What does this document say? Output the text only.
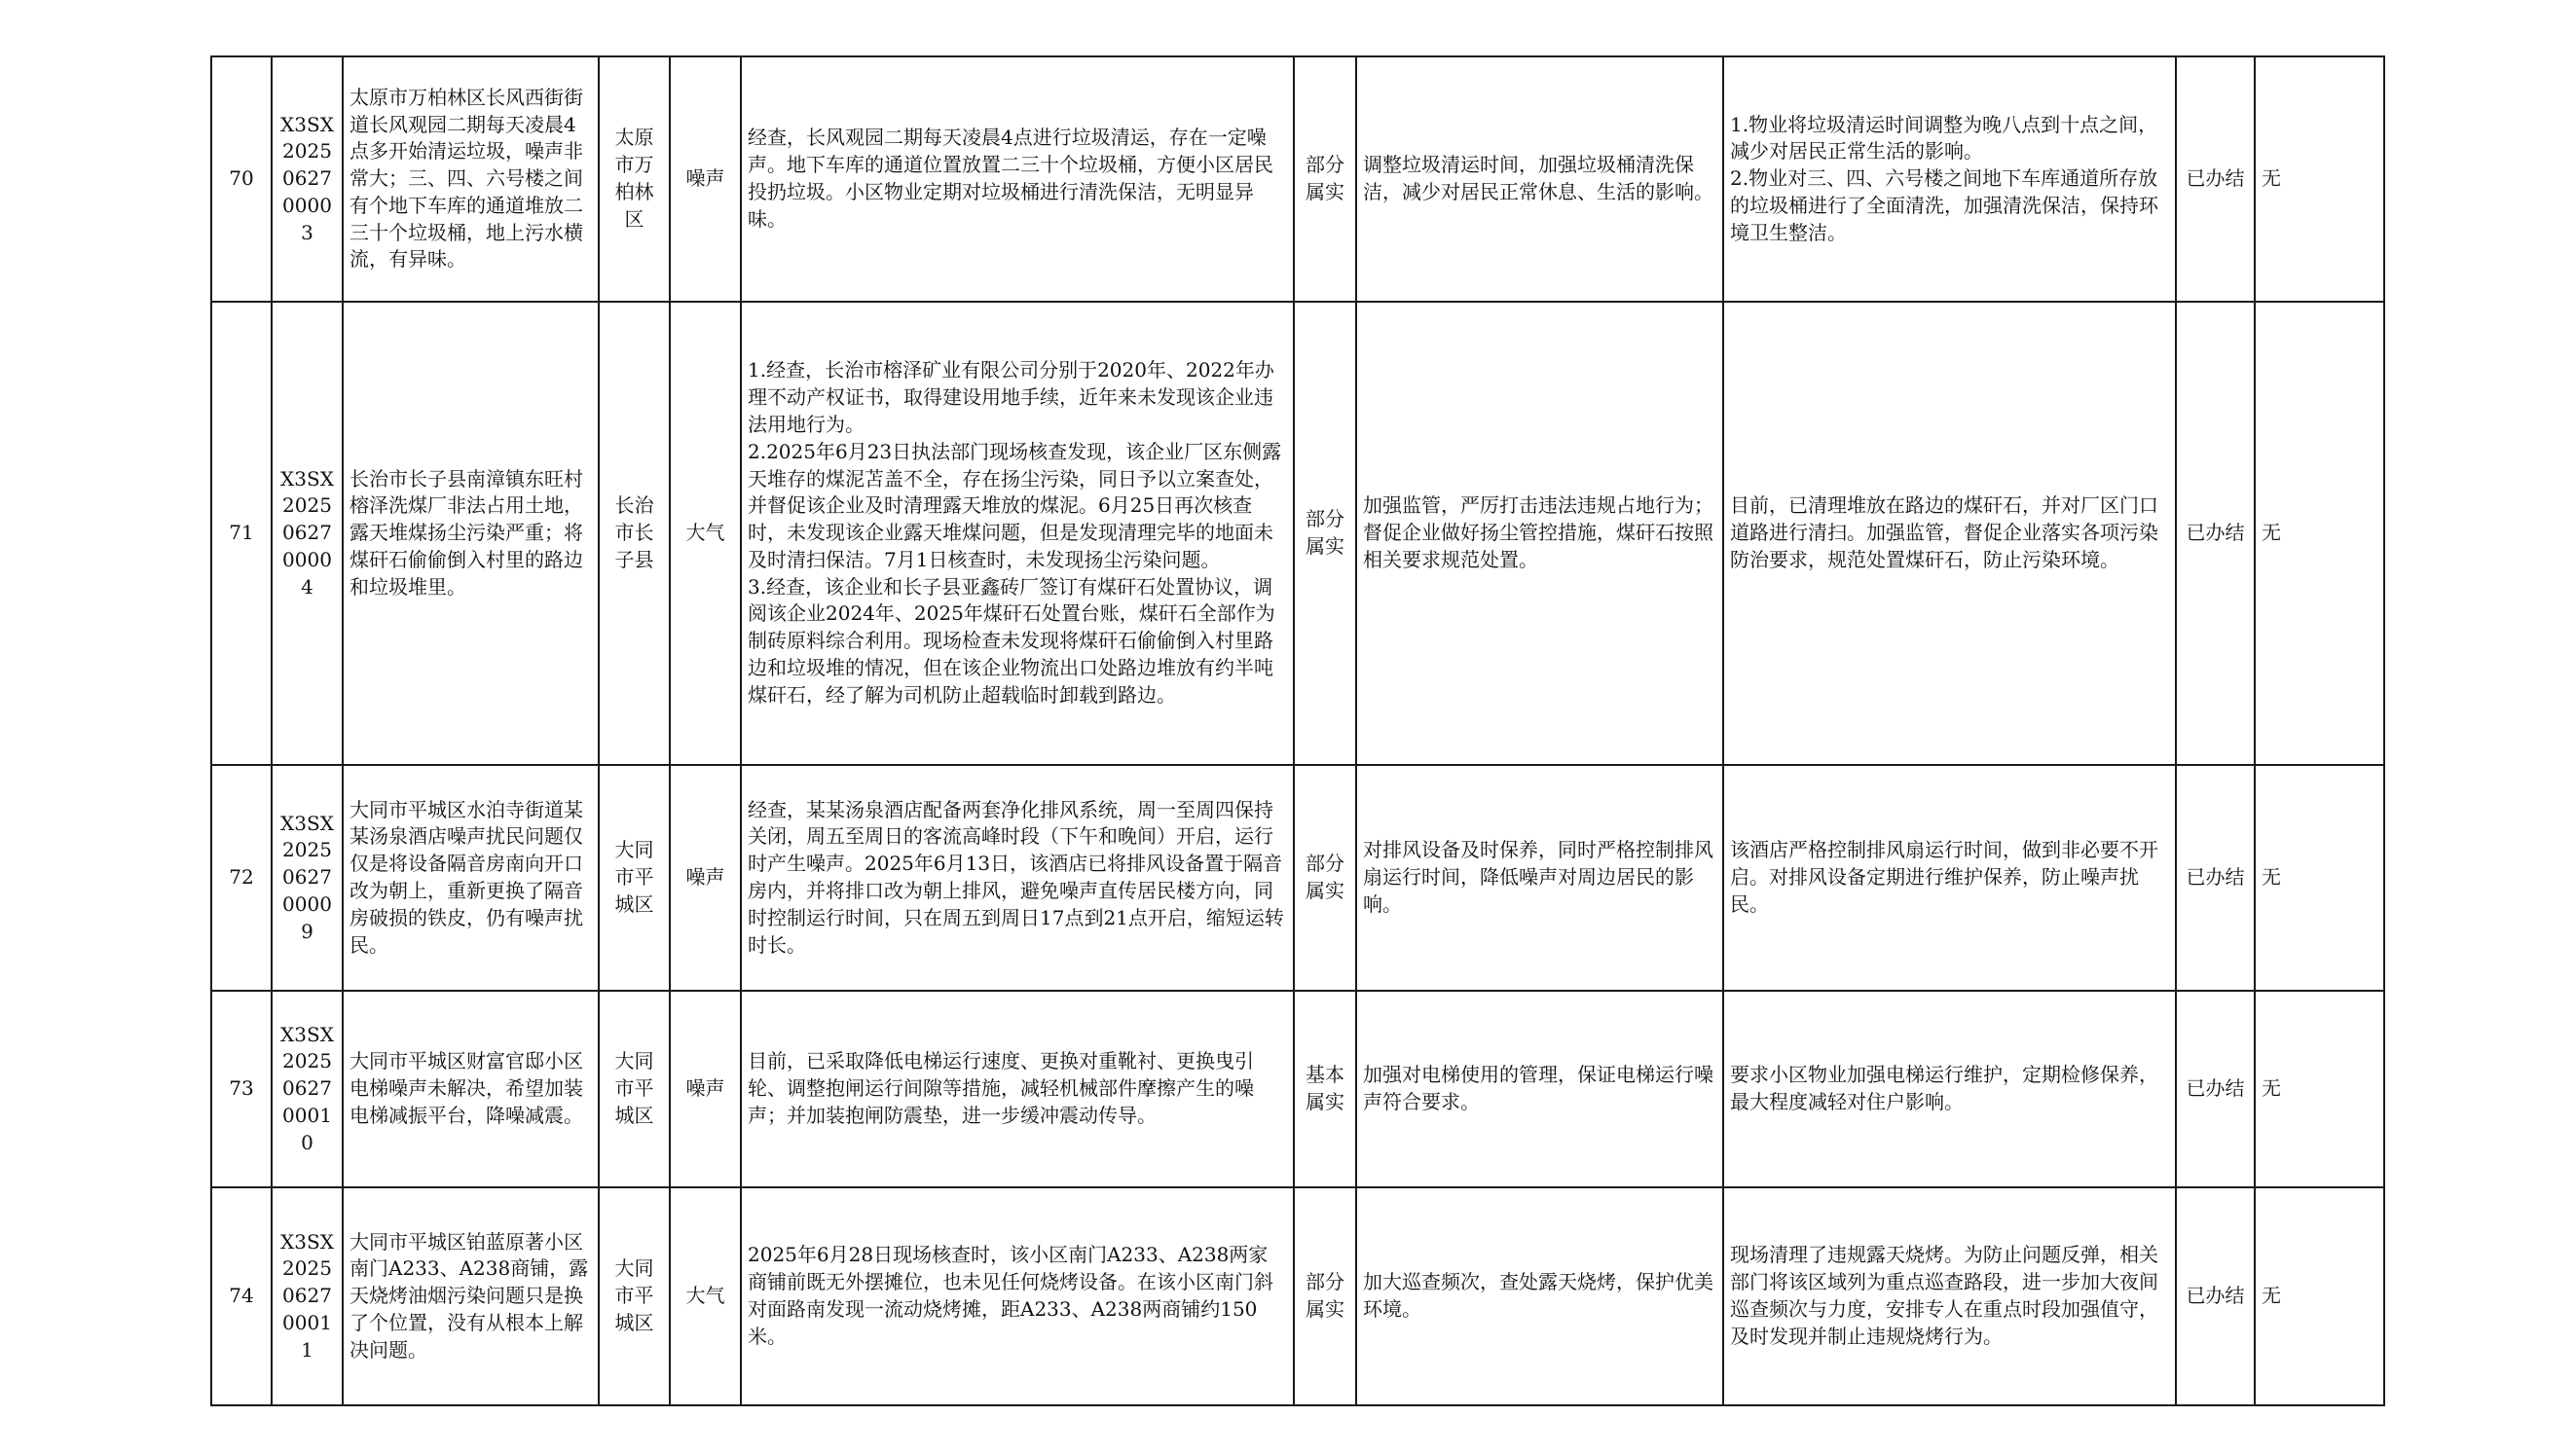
70	X3SX2025062700003	太原市万柏林区长风西街街道长风观园二期每天凌晨4点多开始清运垃圾，噪声非常大；三、四、六号楼之间有个地下车库的通道堆放二三十个垃圾桶，地上污水横流，有异味。	太原市万柏林区	噪声	经查，长风观园二期每天凌晨4点进行垃圾清运，存在一定噪声。地下车库的通道位置放置二三十个垃圾桶，方便小区居民投扔垃圾。小区物业定期对垃圾桶进行清洗保洁，无明显异味。	部分属实	调整垃圾清运时间，加强垃圾桶清洗保洁，减少对居民正常休息、生活的影响。	1.物业将垃圾清运时间调整为晚八点到十点之间，减少对居民正常生活的影响。
2.物业对三、四、六号楼之间地下车库通道所存放的垃圾桶进行了全面清洗，加强清洗保洁，保持环境卫生整洁。	已办结	无
71	X3SX2025062700004	长治市长子县南漳镇东旺村榕泽洗煤厂非法占用土地，露天堆煤扬尘污染严重；将煤矸石偷偷倒入村里的路边和垃圾堆里。	长治市长子县	大气	1.经查，长治市榕泽矿业有限公司分别于2020年、2022年办理不动产权证书，取得建设用地手续，近年来未发现该企业违法用地行为。
2.2025年6月23日执法部门现场核查发现，该企业厂区东侧露天堆存的煤泥苫盖不全，存在扬尘污染，同日予以立案查处，并督促该企业及时清理露天堆放的煤泥。6月25日再次核查时，未发现该企业露天堆煤问题，但是发现清理完毕的地面未及时清扫保洁。7月1日核查时，未发现扬尘污染问题。
3.经查，该企业和长子县亚鑫砖厂签订有煤矸石处置协议，调阅该企业2024年、2025年煤矸石处置台账，煤矸石全部作为制砖原料综合利用。现场检查未发现将煤矸石偷偷倒入村里路边和垃圾堆的情况，但在该企业物流出口处路边堆放有约半吨煤矸石，经了解为司机防止超载临时卸载到路边。	部分属实	加强监管，严厉打击违法违规占地行为；督促企业做好扬尘管控措施，煤矸石按照相关要求规范处置。	目前，已清理堆放在路边的煤矸石，并对厂区门口道路进行清扫。加强监管，督促企业落实各项污染防治要求，规范处置煤矸石，防止污染环境。	已办结	无
72	X3SX2025062700009	大同市平城区水泊寺街道某某汤泉酒店噪声扰民问题仅仅是将设备隔音房南向开口改为朝上，重新更换了隔音房破损的铁皮，仍有噪声扰民。	大同市平城区	噪声	经查，某某汤泉酒店配备两套净化排风系统，周一至周四保持关闭，周五至周日的客流高峰时段（下午和晚间）开启，运行时产生噪声。2025年6月13日，该酒店已将排风设备置于隔音房内，并将排口改为朝上排风，避免噪声直传居民楼方向，同时控制运行时间，只在周五到周日17点到21点开启，缩短运转时长。	部分属实	对排风设备及时保养，同时严格控制排风扇运行时间，降低噪声对周边居民的影响。	该酒店严格控制排风扇运行时间，做到非必要不开启。对排风设备定期进行维护保养，防止噪声扰民。	已办结	无
73	X3SX2025062700010	大同市平城区财富官邸小区电梯噪声未解决，希望加装电梯减振平台，降噪减震。	大同市平城区	噪声	目前，已采取降低电梯运行速度、更换对重靴衬、更换曳引轮、调整抱闸运行间隙等措施，减轻机械部件摩擦产生的噪声；并加装抱闸防震垫，进一步缓冲震动传导。	基本属实	加强对电梯使用的管理，保证电梯运行噪声符合要求。	要求小区物业加强电梯运行维护，定期检修保养，最大程度减轻对住户影响。	已办结	无
74	X3SX2025062700011	大同市平城区铂蓝原著小区南门A233、A238商铺，露天烧烤油烟污染问题只是换了个位置，没有从根本上解决问题。	大同市平城区	大气	2025年6月28日现场核查时，该小区南门A233、A238两家商铺前既无外摆摊位，也未见任何烧烤设备。在该小区南门斜对面路南发现一流动烧烤摊，距A233、A238两商铺约150米。	部分属实	加大巡查频次，查处露天烧烤，保护优美环境。	现场清理了违规露天烧烤。为防止问题反弹，相关部门将该区域列为重点巡查路段，进一步加大夜间巡查频次与力度，安排专人在重点时段加强值守，及时发现并制止违规烧烤行为。	已办结	无
